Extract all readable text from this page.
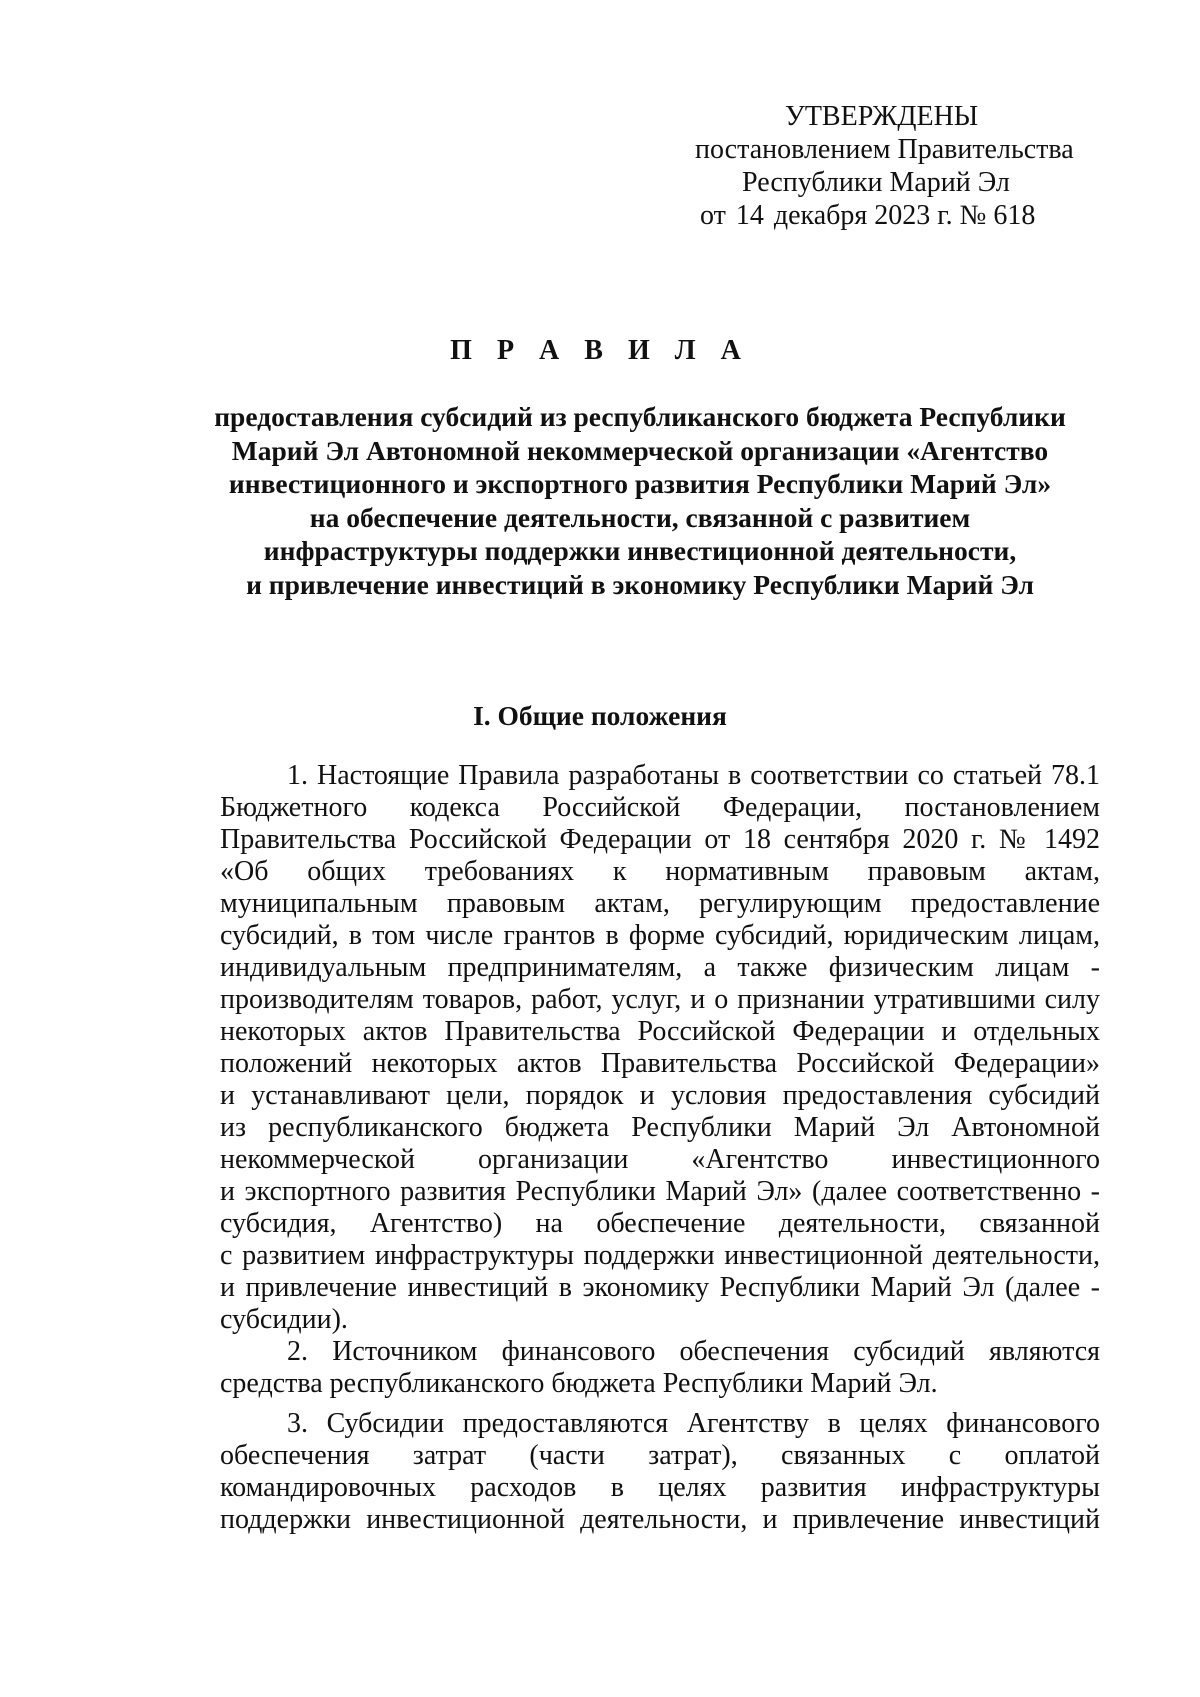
УТВЕРЖДЕНЫ
постановлением Правительства
Республики Марий Эл
от 14 декабря 2023 г. № 618
П Р А В И Л А
предоставления субсидий из республиканского бюджета Республики
Марий Эл Автономной некоммерческой организации «Агентство
инвестиционного и экспортного развития Республики Марий Эл»
на обеспечение деятельности, связанной с развитием
инфраструктуры поддержки инвестиционной деятельности,
и привлечение инвестиций в экономику Республики Марий Эл
I. Общие положения
1. Настоящие Правила разработаны в соответствии со статьей 78.1
Бюджетного кодекса Российской Федерации, постановлением
Правительства Российской Федерации от 18 сентября 2020 г. № 1492
«Об общих требованиях к нормативным правовым актам,
муниципальным правовым актам, регулирующим предоставление
субсидий, в том числе грантов в форме субсидий, юридическим лицам,
индивидуальным предпринимателям, а также физическим лицам -
производителям товаров, работ, услуг, и о признании утратившими силу
некоторых актов Правительства Российской Федерации и отдельных
положений некоторых актов Правительства Российской Федерации»
и устанавливают цели, порядок и условия предоставления субсидий
из республиканского бюджета Республики Марий Эл Автономной
некоммерческой организации «Агентство инвестиционного
и экспортного развития Республики Марий Эл» (далее соответственно -
субсидия, Агентство) на обеспечение деятельности, связанной
с развитием инфраструктуры поддержки инвестиционной деятельности,
и привлечение инвестиций в экономику Республики Марий Эл (далее -
субсидии).
2. Источником финансового обеспечения субсидий являются
средства республиканского бюджета Республики Марий Эл.
3. Субсидии предоставляются Агентству в целях финансового
обеспечения затрат (части затрат), связанных с оплатой
командировочных расходов в целях развития инфраструктуры
поддержки инвестиционной деятельности, и привлечение инвестиций
